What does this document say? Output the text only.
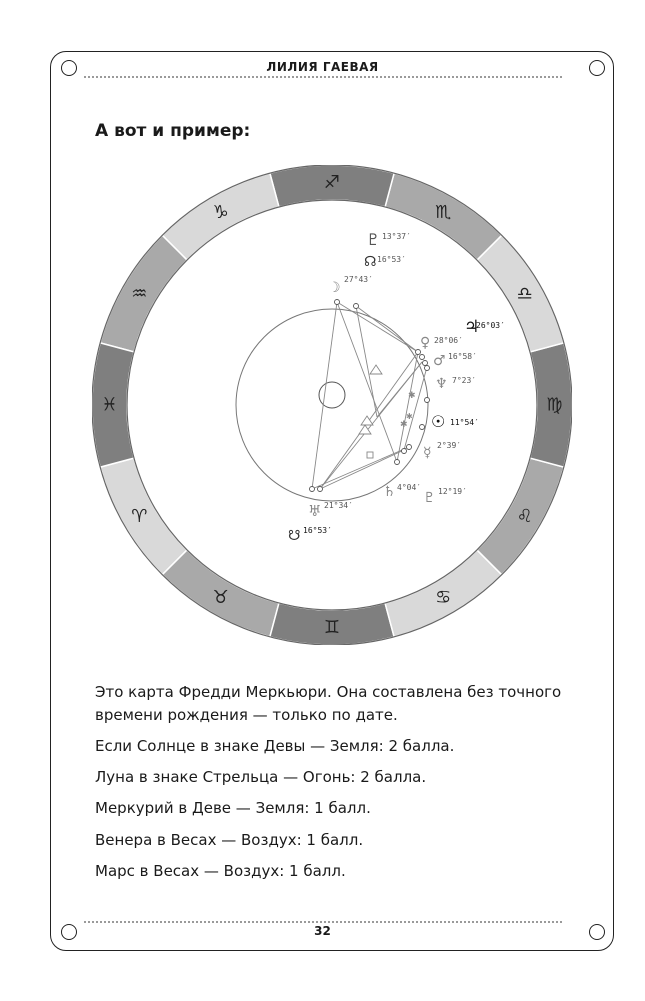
ЛИЛИЯ ГАЕВАЯ
А вот и пример:
♈︎
♉︎
♊︎
♋︎
♌︎
♍︎
♎︎
♏︎
♐︎
♑︎
♒︎
♓︎	✱
✱
✱
♇ 13°37′
☊ 16°53′
☽
27°43′
♃
26°03′
♀ 28°06′
♂ 16°58′
♆ 7°23′
☉ 11°54′
☿ 2°39′
♄ 4°04′
♇ 12°19′
♅ 21°34′
☋ 16°53′
Это карта Фредди Меркьюри. Она составлена без точного времени рождения — только по дате.
Если Солнце в знаке Девы — Земля: 2 балла.
Луна в знаке Стрельца — Огонь: 2 балла.
Меркурий в Деве — Земля: 1 балл.
Венера в Весах — Воздух: 1 балл.
Марс в Весах — Воздух: 1 балл.
32
